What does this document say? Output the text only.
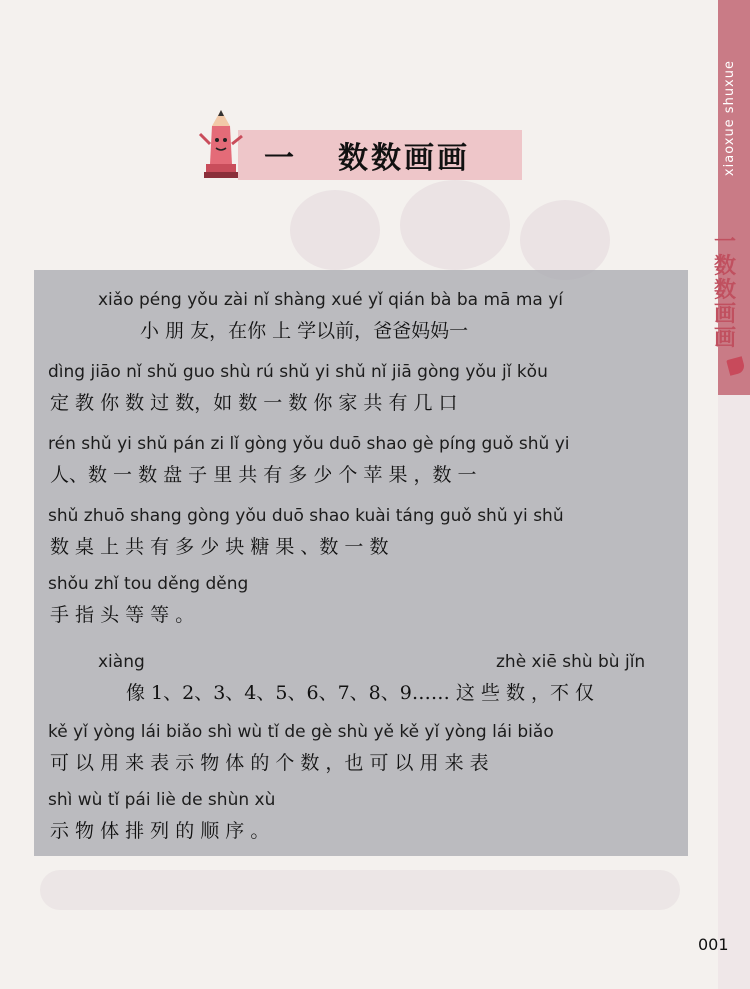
xiaoxue shuxue
一数数画画
一	数数画画
xiǎo péng yǒu zài nǐ shàng xué yǐ qián bà ba mā ma yí
小 朋 友，在你 上 学以前，爸爸妈妈一
dìng jiāo nǐ shǔ guo shù rú shǔ yi shǔ nǐ jiā gòng yǒu jǐ kǒu
定 教 你 数 过 数，如 数 一 数 你 家 共 有 几 口
rén shǔ yi shǔ pán zi lǐ gòng yǒu duō shao gè píng guǒ shǔ yi
人、数 一 数 盘 子 里 共 有 多 少 个 苹 果 ，数 一
shǔ zhuō shang gòng yǒu duō shao kuài táng guǒ shǔ yi shǔ
数 桌 上 共 有 多 少 块 糖 果 、数 一 数
shǒu zhǐ tou děng děng
手 指 头 等 等 。
xiàng	zhè xiē shù bù jǐn
像 1、2、3、4、5、6、7、8、9…… 这 些 数 ，不 仅
kě yǐ yòng lái biǎo shì wù tǐ de gè shù yě kě yǐ yòng lái biǎo
可 以 用 来 表 示 物 体 的 个 数 ，也 可 以 用 来 表
shì wù tǐ pái liè de shùn xù
示 物 体 排 列 的 顺 序 。
001
